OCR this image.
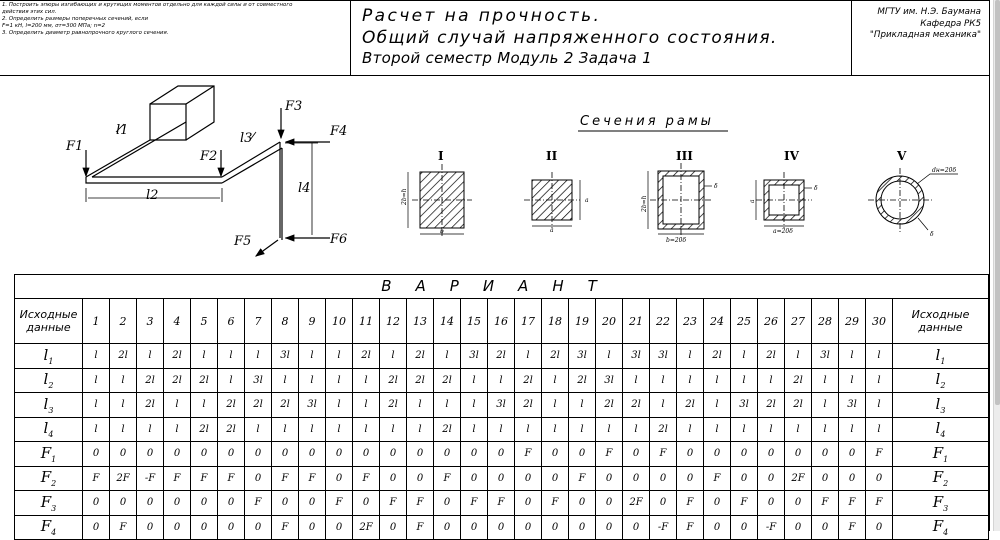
1. Построить эпюры изгибающих и крутящих моментов отдельно для каждой силы и от совместного
действия этих сил.
2. Определить размеры поперечных сечений, если
F=1 кН, l=200 мм, σт=300 МПа; n=2
3. Определить диаметр равнопрочного круглого сечения.
Расчет на прочность.
Общий случай напряженного состояния.
Второй семестр Модуль 2 Задача 1
МГТУ им. Н.Э. Баумана
Кафедра РК5
"Прикладная механика"
F1
F2
F3
F4
F5	F6
l1
l2
l3
l4
I	II	III	IV	V
2b=h
b
a
a
2b=h
b=20δ
δ
a
a=20δ
δ
dн=20δ
δ
Сечения рамы
ВАРИАНТ
Исходные данные	1	2	3	4	5	6	7	8	9	10	11	12	13	14	15	16	17	18	19	20	21	22	23	24	25	26	27	28	29	30	Исходные данные
$l_1$	l	2l	l	2l	l	l	l	3l	l	l	2l	l	2l	l	3l	2l	l	2l	3l	l	3l	3l	l	2l	l	2l	l	3l	l	l	$l_1$
$l_2$	l	l	2l	2l	2l	l	3l	l	l	l	l	2l	2l	2l	l	l	2l	l	2l	3l	l	l	l	l	l	l	2l	l	l	l	$l_2$
$l_3$	l	l	2l	l	l	2l	2l	2l	3l	l	l	2l	l	l	l	3l	2l	l	l	2l	2l	l	2l	l	3l	2l	2l	l	3l	l	$l_3$
$l_4$	l	l	l	l	2l	2l	l	l	l	l	l	l	l	2l	l	l	l	l	l	l	l	2l	l	l	l	l	l	l	l	l	$l_4$
$F_1$	0	0	0	0	0	0	0	0	0	0	0	0	0	0	0	0	F	0	0	F	0	F	0	0	0	0	0	0	0	F	$F_1$
$F_2$	F	2F	-F	F	F	F	0	F	F	0	F	0	0	F	0	0	0	0	F	0	0	0	0	F	0	0	2F	0	0	0	$F_2$
$F_3$	0	0	0	0	0	0	F	0	0	F	0	F	F	0	F	F	0	F	0	0	2F	0	F	0	F	0	0	F	F	F	$F_3$
$F_4$	0	F	0	0	0	0	0	F	0	0	2F	0	F	0	0	0	0	0	0	0	0	-F	F	0	0	-F	0	0	F	0	$F_4$
